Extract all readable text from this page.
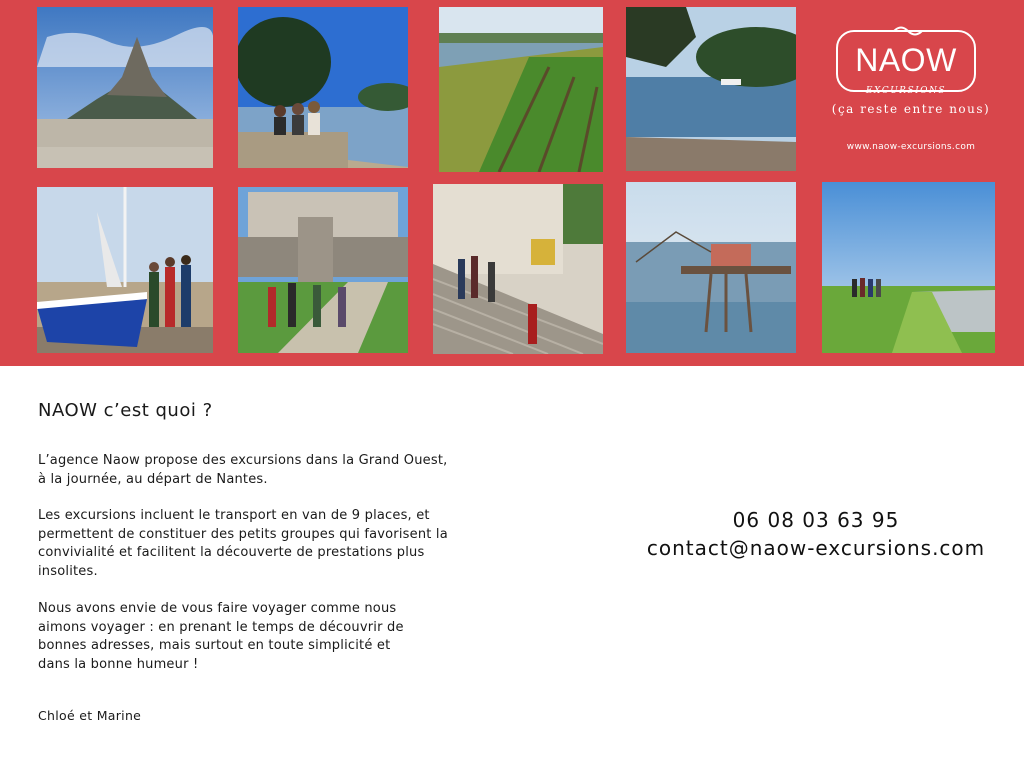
NAOW
EXCURSIONS
(ça reste entre nous)
www.naow-excursions.com
NAOW c’est quoi ?

L’agence Naow propose des excursions dans la Grand Ouest,
à la journée, au départ de Nantes.

Les excursions incluent le transport en van de 9 places, et
permettent de constituer des petits groupes qui favorisent la
convivialité et facilitent la découverte de prestations plus
insolites.

Nous avons envie de vous faire voyager comme nous
aimons voyager : en prenant le temps de découvrir de
bonnes adresses, mais surtout en toute simplicité et
dans la bonne humeur !

Chloé et Marine
06 08 03 63 95
contact@naow-excursions.com
